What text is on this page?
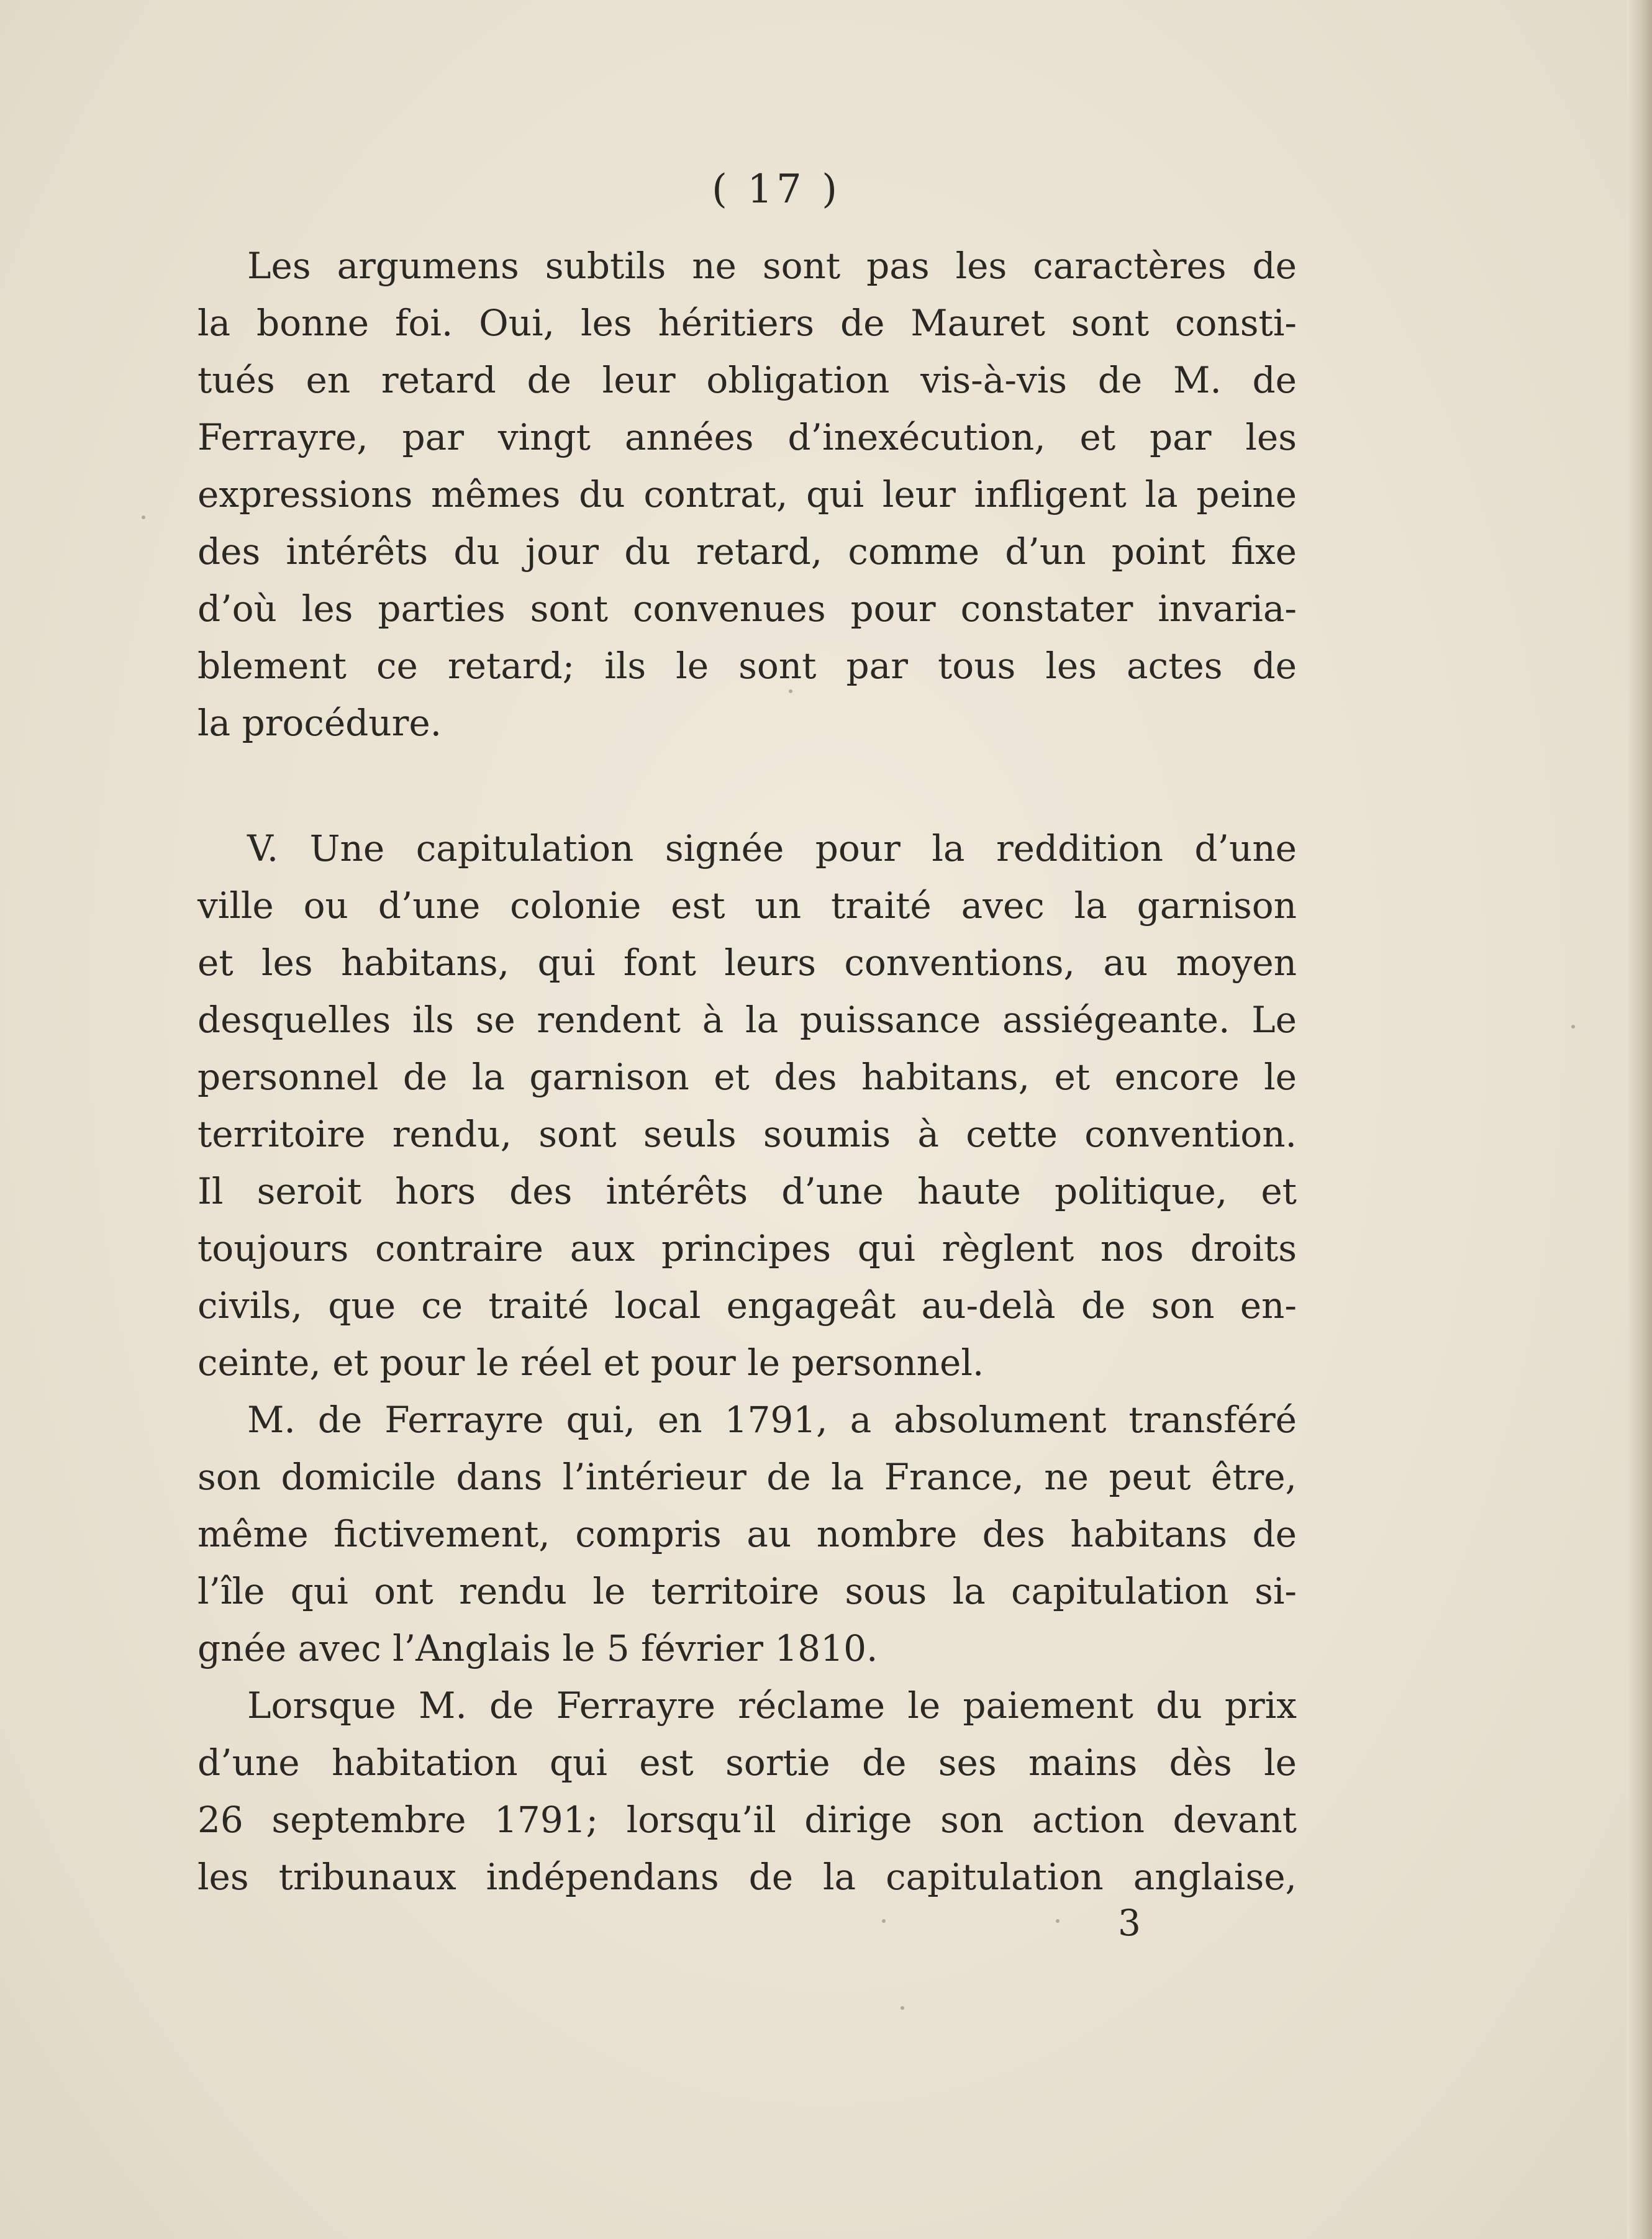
( 17 )
Les argumens subtils ne sont pas les caractères de
la bonne foi. Oui, les héritiers de Mauret sont consti-
tués en retard de leur obligation vis-à-vis de M. de
Ferrayre, par vingt années d’inexécution, et par les
expressions mêmes du contrat, qui leur infligent la peine
des intérêts du jour du retard, comme d’un point fixe
d’où les parties sont convenues pour constater invaria-
blement ce retard; ils le sont par tous les actes de
la procédure.
V. Une capitulation signée pour la reddition d’une
ville ou d’une colonie est un traité avec la garnison
et les habitans, qui font leurs conventions, au moyen
desquelles ils se rendent à la puissance assiégeante. Le
personnel de la garnison et des habitans, et encore le
territoire rendu, sont seuls soumis à cette convention.
Il seroit hors des intérêts d’une haute politique, et
toujours contraire aux principes qui règlent nos droits
civils, que ce traité local engageât au-delà de son en-
ceinte, et pour le réel et pour le personnel.
M. de Ferrayre qui, en 1791, a absolument transféré
son domicile dans l’intérieur de la France, ne peut être,
même fictivement, compris au nombre des habitans de
l’île qui ont rendu le territoire sous la capitulation si-
gnée avec l’Anglais le 5 février 1810.
Lorsque M. de Ferrayre réclame le paiement du prix
d’une habitation qui est sortie de ses mains dès le
26 septembre 1791; lorsqu’il dirige son action devant
les tribunaux indépendans de la capitulation anglaise,
3
